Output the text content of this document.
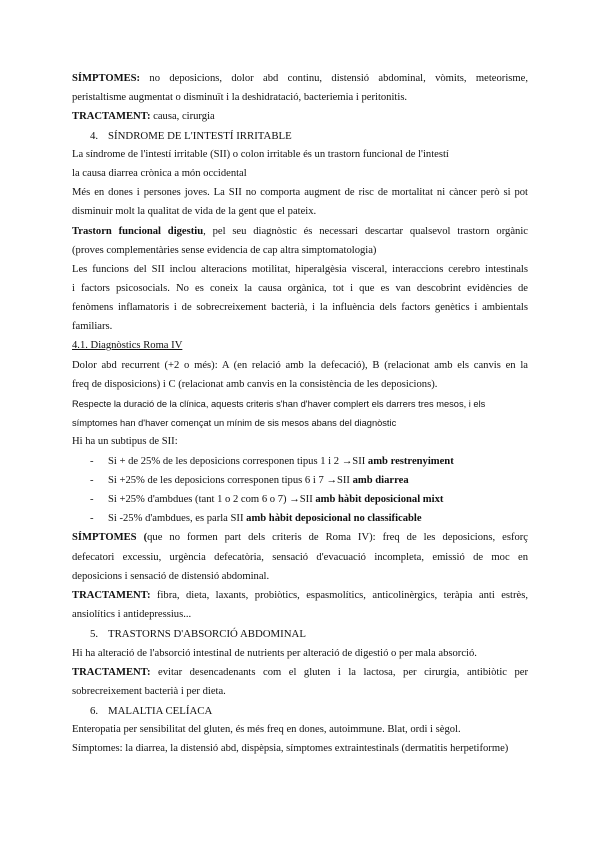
SÍMPTOMES: no deposicions, dolor abd continu, distensió abdominal, vòmits, meteorisme,
peristaltisme augmentat o disminuït i la deshidratació, bacteriemia i peritonitis.
TRACTAMENT: causa, cirurgia
4. SÍNDROME DE L'INTESTÍ IRRITABLE
La síndrome de l'intestí irritable (SII) o colon irritable és un trastorn funcional de l'intestí
la causa diarrea crònica a món occidental
Més en dones i persones joves. La SII no comporta augment de risc de mortalitat ni càncer però si pot
disminuir molt la qualitat de vida de la gent que el pateix.
Trastorn funcional digestiu, pel seu diagnòstic és necessari descartar qualsevol trastorn orgànic
(proves complementàries sense evidencia de cap altra simptomatologia)
Les funcions del SII inclou alteracions motilitat, hiperalgèsia visceral, interaccions cerebro intestinals
i factors psicosocials. No es coneix la causa orgànica, tot i que es van descobrint evidències de
fenòmens inflamatoris i de sobrecreixement bacterià, i la influència dels factors genètics i ambientals
familiars.
4.1. Diagnòstics Roma IV
Dolor abd recurrent (+2 o més): A (en relació amb la defecació), B (relacionat amb els canvis en la
freq de disposicions) i C (relacionat amb canvis en la consistència de les deposicions).
Respecte la duració de la clínica, aquests criteris s'han d'haver complert els darrers tres mesos, i els
símptomes han d'haver començat un mínim de sis mesos abans del diagnòstic
Hi ha un subtipus de SII:
- Si + de 25% de les deposicions corresponen tipus 1 i 2 →SII amb restrenyiment
- Si +25% de les deposicions corresponen tipus 6 i 7 →SII amb diarrea
- Si +25% d'ambdues (tant 1 o 2 com 6 o 7) →SII amb hàbit deposicional mixt
- Si -25% d'ambdues, es parla SII amb hàbit deposicional no classificable
SÍMPTOMES (que no formen part dels criteris de Roma IV): freq de les deposicions, esforç
defecatori excessiu, urgència defecatòria, sensació d'evacuació incompleta, emissió de moc en
deposicions i sensació de distensió abdominal.
TRACTAMENT: fibra, dieta, laxants, probiòtics, espasmolítics, anticolinèrgics, teràpia anti estrès,
ansiolítics i antidepressius...
5. TRASTORNS D'ABSORCIÓ ABDOMINAL
Hi ha alteració de l'absorció intestinal de nutrients per alteració de digestió o per mala absorció.
TRACTAMENT: evitar desencadenants com el gluten i la lactosa, per cirurgia, antibiòtic per
sobrecreixement bacterià i per dieta.
6. MALALTIA CELÍACA
Enteropatia per sensibilitat del gluten, és més freq en dones, autoimmune. Blat, ordi i sègol.
Símptomes: la diarrea, la distensió abd, dispèpsia, símptomes extraintestinals (dermatitis herpetiforme)
